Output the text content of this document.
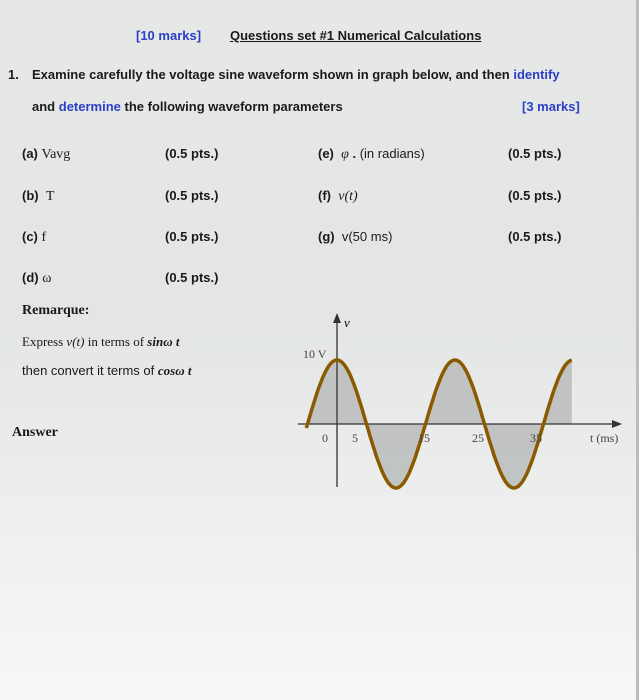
[10 marks] Questions set #1 Numerical Calculations
1. Examine carefully the voltage sine waveform shown in graph below, and then identify
and determine the following waveform parameters	[3 marks]
(a) Vavg	(0.5 pts.)
(b) T	(0.5 pts.)
(c) f	(0.5 pts.)
(d) ω	(0.5 pts.)
(e) φ . (in radians)	(0.5 pts.)
(f) v(t)	(0.5 pts.)
(g) v(50 ms)	(0.5 pts.)
Remarque:
Express v(t) in terms of sinω t
then convert it terms of cosω t
Answer
v
10 V
0 5	15	25	35	t (ms)
